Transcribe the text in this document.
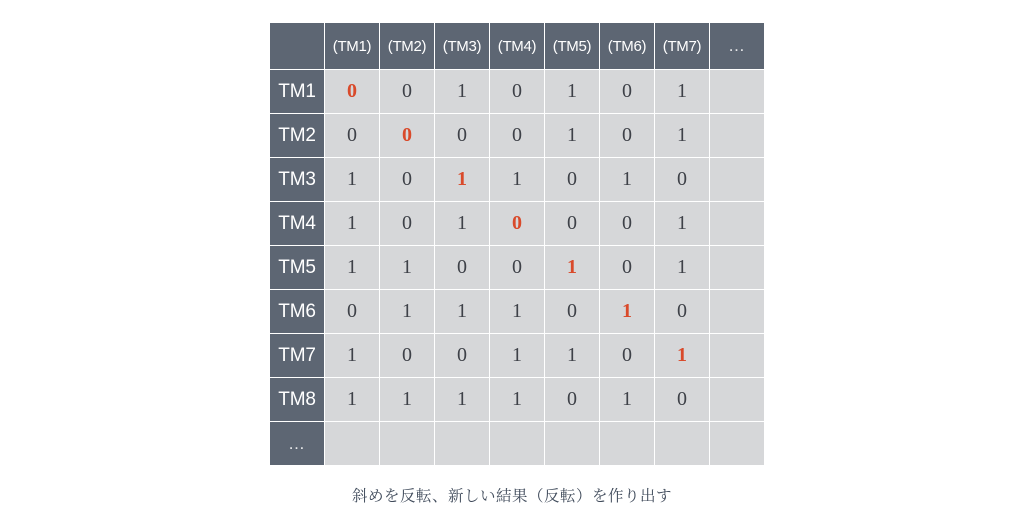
	(TM1)	(TM2)	(TM3)	(TM4)	(TM5)	(TM6)	(TM7)	…
TM1	0	0	1	0	1	0	1	
TM2	0	0	0	0	1	0	1	
TM3	1	0	1	1	0	1	0	
TM4	1	0	1	0	0	0	1	
TM5	1	1	0	0	1	0	1	
TM6	0	1	1	1	0	1	0	
TM7	1	0	0	1	1	0	1	
TM8	1	1	1	1	0	1	0	
…								
斜めを反転、新しい結果（反転）を作り出す
